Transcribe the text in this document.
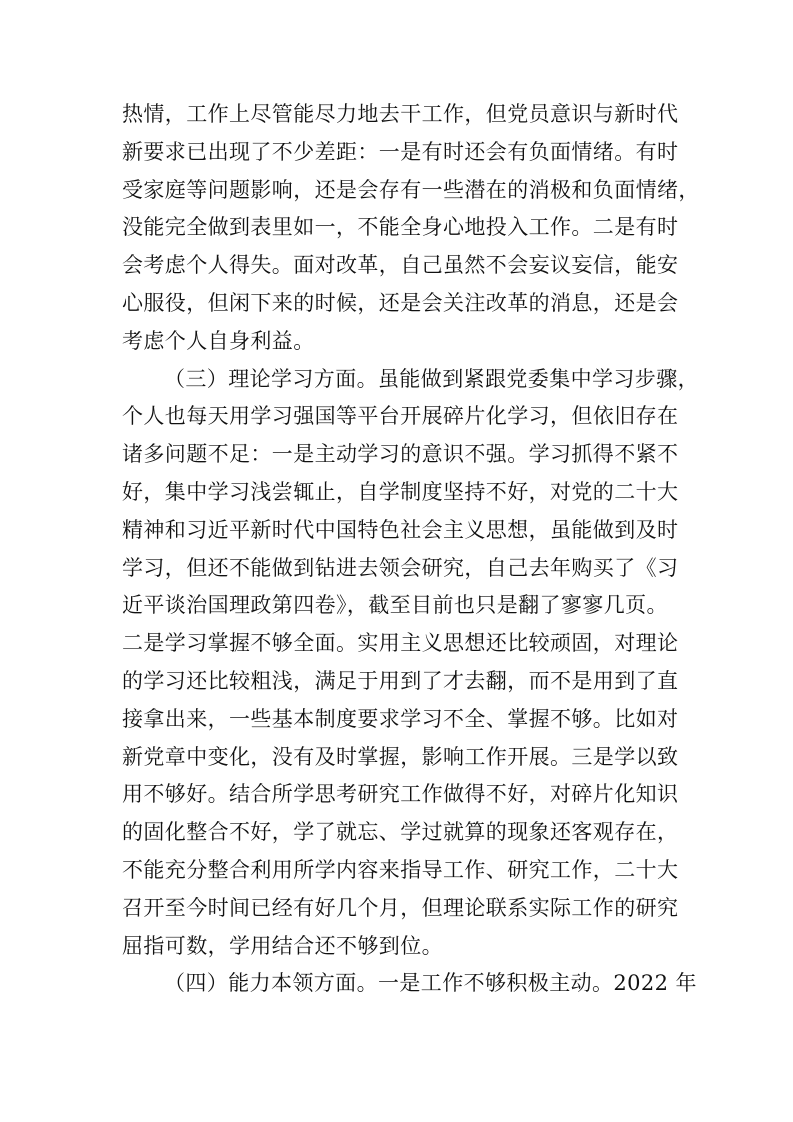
热情，工作上尽管能尽力地去干工作，但党员意识与新时代
新要求已出现了不少差距：一是有时还会有负面情绪。有时
受家庭等问题影响，还是会存有一些潜在的消极和负面情绪，
没能完全做到表里如一，不能全身心地投入工作。二是有时
会考虑个人得失。面对改革，自己虽然不会妄议妄信，能安
心服役，但闲下来的时候，还是会关注改革的消息，还是会
考虑个人自身利益。
（三）理论学习方面。虽能做到紧跟党委集中学习步骤，
个人也每天用学习强国等平台开展碎片化学习，但依旧存在
诸多问题不足：一是主动学习的意识不强。学习抓得不紧不
好，集中学习浅尝辄止，自学制度坚持不好，对党的二十大
精神和习近平新时代中国特色社会主义思想，虽能做到及时
学习，但还不能做到钻进去领会研究，自己去年购买了《习
近平谈治国理政第四卷》，截至目前也只是翻了寥寥几页。
二是学习掌握不够全面。实用主义思想还比较顽固，对理论
的学习还比较粗浅，满足于用到了才去翻，而不是用到了直
接拿出来，一些基本制度要求学习不全、掌握不够。比如对
新党章中变化，没有及时掌握，影响工作开展。三是学以致
用不够好。结合所学思考研究工作做得不好，对碎片化知识
的固化整合不好，学了就忘、学过就算的现象还客观存在，
不能充分整合利用所学内容来指导工作、研究工作，二十大
召开至今时间已经有好几个月，但理论联系实际工作的研究
屈指可数，学用结合还不够到位。
（四）能力本领方面。一是工作不够积极主动。2022 年
